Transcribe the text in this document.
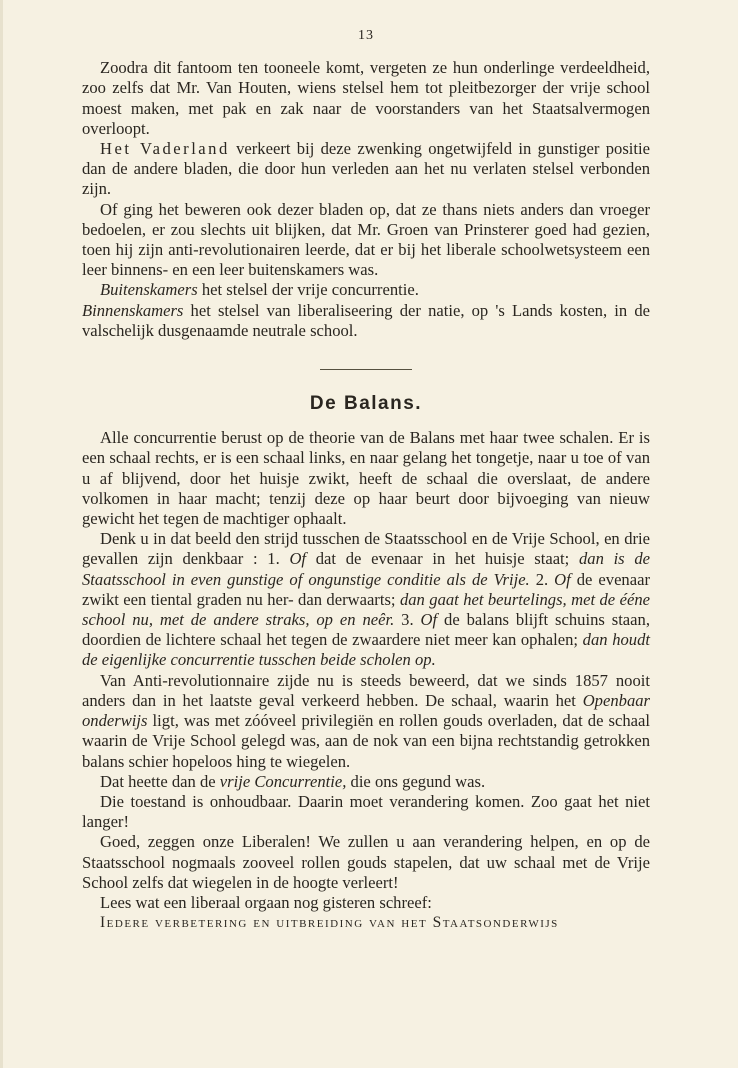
13

Zoodra dit fantoom ten tooneele komt, vergeten ze hun onderlinge verdeeldheid, zoo zelfs dat Mr. Van Houten, wiens stelsel hem tot pleitbezorger der vrije school moest maken, met pak en zak naar de voorstanders van het Staatsalvermogen overloopt.

Het Vaderland verkeert bij deze zwenking ongetwijfeld in gunstiger positie dan de andere bladen, die door hun verleden aan het nu verlaten stelsel verbonden zijn.

Of ging het beweren ook dezer bladen op, dat ze thans niets anders dan vroeger bedoelen, er zou slechts uit blijken, dat Mr. Groen van Prinsterer goed had gezien, toen hij zijn anti-revolutionairen leerde, dat er bij het liberale schoolwetsysteem een leer binnens- en een leer buitenskamers was.

Buitenskamers het stelsel der vrije concurrentie.

Binnenskamers het stelsel van liberaliseering der natie, op 's Lands kosten, in de valschelijk dusgenaamde neutrale school.

De Balans.

Alle concurrentie berust op de theorie van de Balans met haar twee schalen. Er is een schaal rechts, er is een schaal links, en naar gelang het tongetje, naar u toe of van u af blijvend, door het huisje zwikt, heeft de schaal die overslaat, de andere volkomen in haar macht; tenzij deze op haar beurt door bijvoeging van nieuw gewicht het tegen de machtiger ophaalt.

Denk u in dat beeld den strijd tusschen de Staatsschool en de Vrije School, en drie gevallen zijn denkbaar : 1. Of dat de evenaar in het huisje staat; dan is de Staatsschool in even gunstige of ongunstige conditie als de Vrije. 2. Of de evenaar zwikt een tiental graden nu her- dan derwaarts; dan gaat het beurtelings, met de ééne school nu, met de andere straks, op en neêr. 3. Of de balans blijft schuins staan, doordien de lichtere schaal het tegen de zwaardere niet meer kan ophalen; dan houdt de eigenlijke concurrentie tusschen beide scholen op.

Van Anti-revolutionnaire zijde nu is steeds beweerd, dat we sinds 1857 nooit anders dan in het laatste geval verkeerd hebben. De schaal, waarin het Openbaar onderwijs ligt, was met zóóveel privilegiën en rollen gouds overladen, dat de schaal waarin de Vrije School gelegd was, aan de nok van een bijna rechtstandig getrokken balans schier hopeloos hing te wiegelen.

Dat heette dan de vrije Concurrentie, die ons gegund was.

Die toestand is onhoudbaar. Daarin moet verandering komen. Zoo gaat het niet langer!

Goed, zeggen onze Liberalen! We zullen u aan verandering helpen, en op de Staatsschool nogmaals zooveel rollen gouds stapelen, dat uw schaal met de Vrije School zelfs dat wiegelen in de hoogte verleert!

Lees wat een liberaal orgaan nog gisteren schreef:

Iedere verbetering en uitbreiding van het Staatsonderwijs
